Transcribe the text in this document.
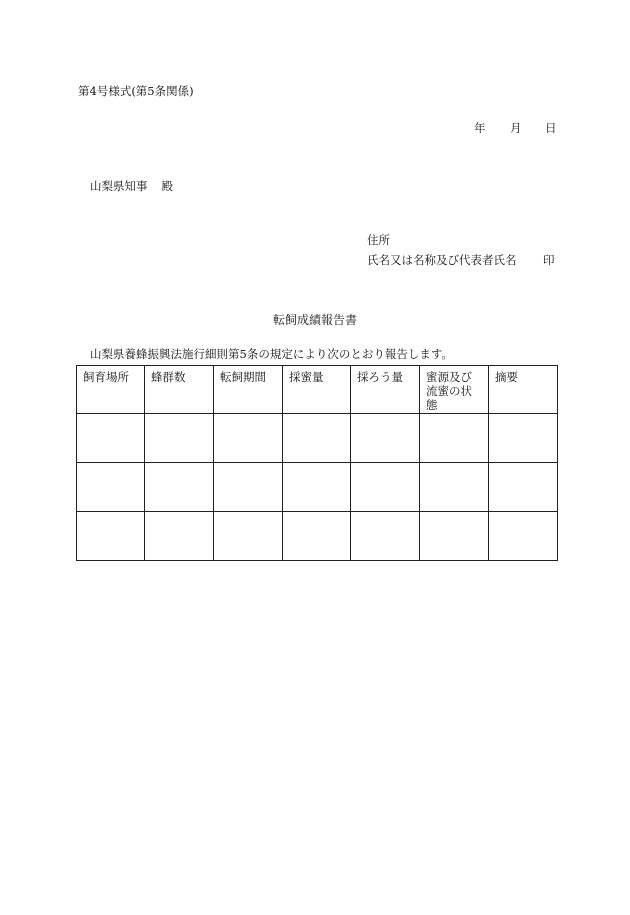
第4号様式(第5条関係)
年 月 日
山梨県知事 殿
住所
氏名又は名称及び代表者氏名 印
転飼成績報告書
山梨県養蜂振興法施行細則第5条の規定により次のとおり報告します。
飼育場所	蜂群数	転飼期間	採蜜量	採ろう量	蜜源及び流蜜の状態	摘要
